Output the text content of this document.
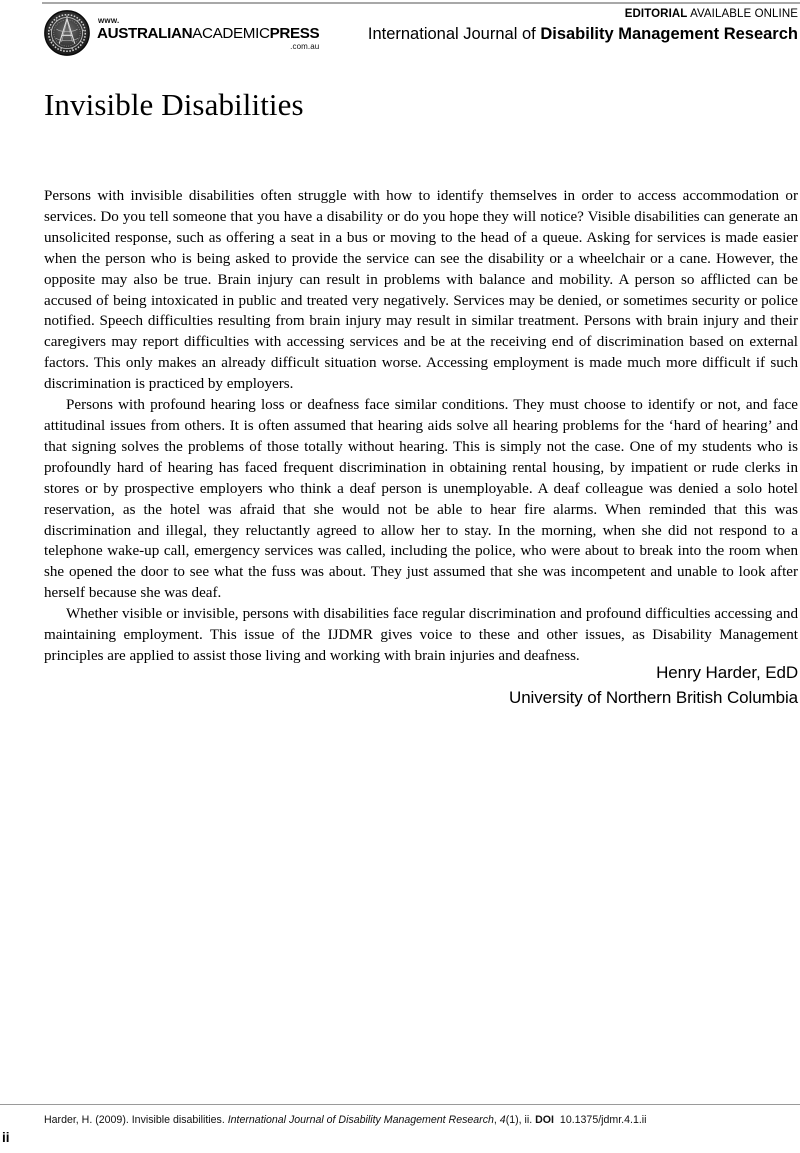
www.
AUSTRALIANACADEMICPRESS
.com.au
EDITORIAL AVAILABLE ONLINE
International Journal of Disability Management Research
Invisible Disabilities

Persons with invisible disabilities often struggle with how to identify themselves in order to access accommodation or services. Do you tell someone that you have a disability or do you hope they will notice? Visible disabilities can generate an unsolicited response, such as offering a seat in a bus or moving to the head of a queue. Asking for services is made easier when the person who is being asked to provide the service can see the disability or a wheelchair or a cane. However, the opposite may also be true. Brain injury can result in problems with balance and mobility. A person so afflicted can be accused of being intoxicated in public and treated very negatively. Services may be denied, or sometimes security or police notified. Speech difficulties resulting from brain injury may result in similar treatment. Persons with brain injury and their caregivers may report difficulties with accessing services and be at the receiving end of discrimination based on external factors. This only makes an already difficult situation worse. Accessing employment is made much more difficult if such discrimination is practiced by employers.

Persons with profound hearing loss or deafness face similar conditions. They must choose to identify or not, and face attitudinal issues from others. It is often assumed that hearing aids solve all hearing problems for the ‘hard of hearing’ and that signing solves the problems of those totally without hearing. This is simply not the case. One of my students who is profoundly hard of hearing has faced frequent discrimination in obtaining rental housing, by impatient or rude clerks in stores or by prospective employers who think a deaf person is unemployable. A deaf colleague was denied a solo hotel reservation, as the hotel was afraid that she would not be able to hear fire alarms. When reminded that this was discrimination and illegal, they reluctantly agreed to allow her to stay. In the morning, when she did not respond to a telephone wake-up call, emergency services was called, including the police, who were about to break into the room when she opened the door to see what the fuss was about. They just assumed that she was incompetent and unable to look after herself because she was deaf.

Whether visible or invisible, persons with disabilities face regular discrimination and profound difficulties accessing and maintaining employment. This issue of the IJDMR gives voice to these and other issues, as Disability Management principles are applied to assist those living and working with brain injuries and deafness.

Henry Harder, EdD
University of Northern British Columbia
Harder, H. (2009). Invisible disabilities. International Journal of Disability Management Research, 4(1), ii. DOI 10.1375/jdmr.4.1.ii
ii
